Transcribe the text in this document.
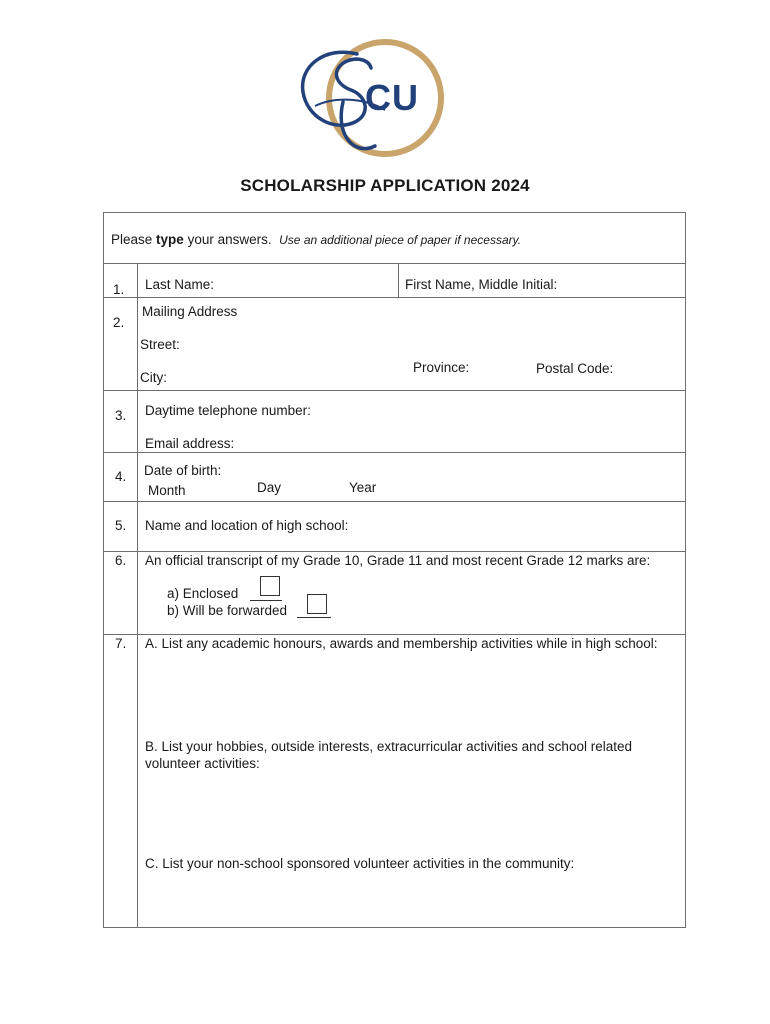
CU
SCHOLARSHIP APPLICATION 2024
Please type your answers. Use an additional piece of paper if necessary.
1. Last Name:	First Name, Middle Initial:
2.
Mailing Address
Street:
City:
Province:	Postal Code:
3. Daytime telephone number:
Email address:
4. Date of birth:
Month	Day	Year
5. Name and location of high school:
6. An official transcript of my Grade 10, Grade 11 and most recent Grade 12 marks are:
a) Enclosed
b) Will be forwarded
7. A. List any academic honours, awards and membership activities while in high school:
B. List your hobbies, outside interests, extracurricular activities and school related
volunteer activities:
C. List your non-school sponsored volunteer activities in the community:
